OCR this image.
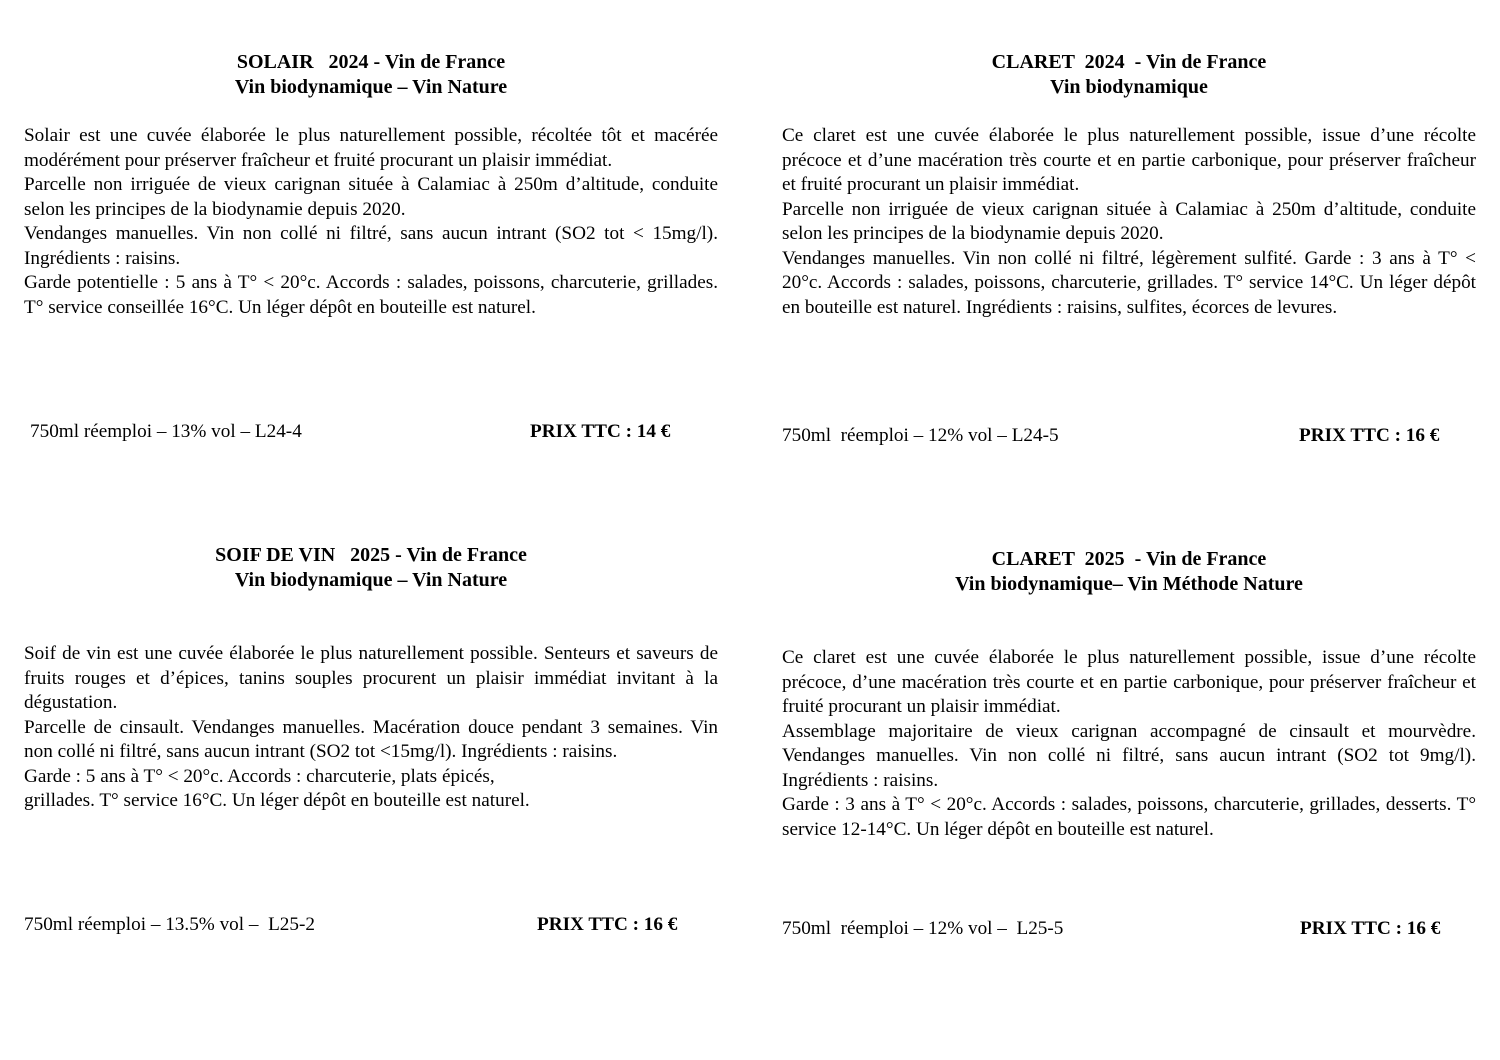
SOLAIR   2024 - Vin de France

Vin biodynamique – Vin Nature

Solair est une cuvée élaborée le plus naturellement possible, récoltée tôt et macérée modérément pour préserver fraîcheur et fruité procurant un plaisir immédiat.

Parcelle non irriguée de vieux carignan située à Calamiac à 250m d’altitude, conduite selon les principes de la biodynamie depuis 2020.

Vendanges manuelles. Vin non collé ni filtré, sans aucun intrant (SO2 tot < 15mg/l). Ingrédients : raisins.

Garde potentielle : 5 ans à T° < 20°c. Accords : salades, poissons, charcuterie, grillades. T° service conseillée 16°C. Un léger dépôt en bouteille est naturel.

750ml réemploi – 13% vol – L24-4	PRIX TTC : 14 €

CLARET  2024  - Vin de France

Vin biodynamique

Ce claret est une cuvée élaborée le plus naturellement possible, issue d’une récolte précoce et d’une macération très courte et en partie carbonique, pour préserver fraîcheur et fruité procurant un plaisir immédiat.

Parcelle non irriguée de vieux carignan située à Calamiac à 250m d’altitude, conduite selon les principes de la biodynamie depuis 2020.

Vendanges manuelles. Vin non collé ni filtré, légèrement sulfité. Garde : 3 ans à T° < 20°c. Accords : salades, poissons, charcuterie, grillades. T° service 14°C. Un léger dépôt en bouteille est naturel. Ingrédients : raisins, sulfites, écorces de levures.

750ml  réemploi – 12% vol – L24-5	PRIX TTC : 16 €

SOIF DE VIN   2025 - Vin de France

Vin biodynamique – Vin Nature

Soif de vin est une cuvée élaborée le plus naturellement possible. Senteurs et saveurs de fruits rouges et d’épices, tanins souples procurent un plaisir immédiat invitant à la dégustation.

Parcelle de cinsault. Vendanges manuelles. Macération douce pendant 3 semaines. Vin non collé ni filtré, sans aucun intrant (SO2 tot <15mg/l). Ingrédients : raisins.

Garde : 5 ans à T° < 20°c. Accords : charcuterie, plats épicés,

grillades. T° service 16°C. Un léger dépôt en bouteille est naturel.

750ml réemploi – 13.5% vol –  L25-2	PRIX TTC : 16 €

CLARET  2025  - Vin de France

Vin biodynamique– Vin Méthode Nature

Ce claret est une cuvée élaborée le plus naturellement possible, issue d’une récolte précoce, d’une macération très courte et en partie carbonique, pour préserver fraîcheur et fruité procurant un plaisir immédiat.

Assemblage majoritaire de vieux carignan accompagné de cinsault et mourvèdre. Vendanges manuelles. Vin non collé ni filtré, sans aucun intrant (SO2 tot 9mg/l). Ingrédients : raisins.

Garde : 3 ans à T° < 20°c. Accords : salades, poissons, charcuterie, grillades, desserts. T° service 12-14°C. Un léger dépôt en bouteille est naturel.

750ml  réemploi – 12% vol –  L25-5	PRIX TTC : 16 €
